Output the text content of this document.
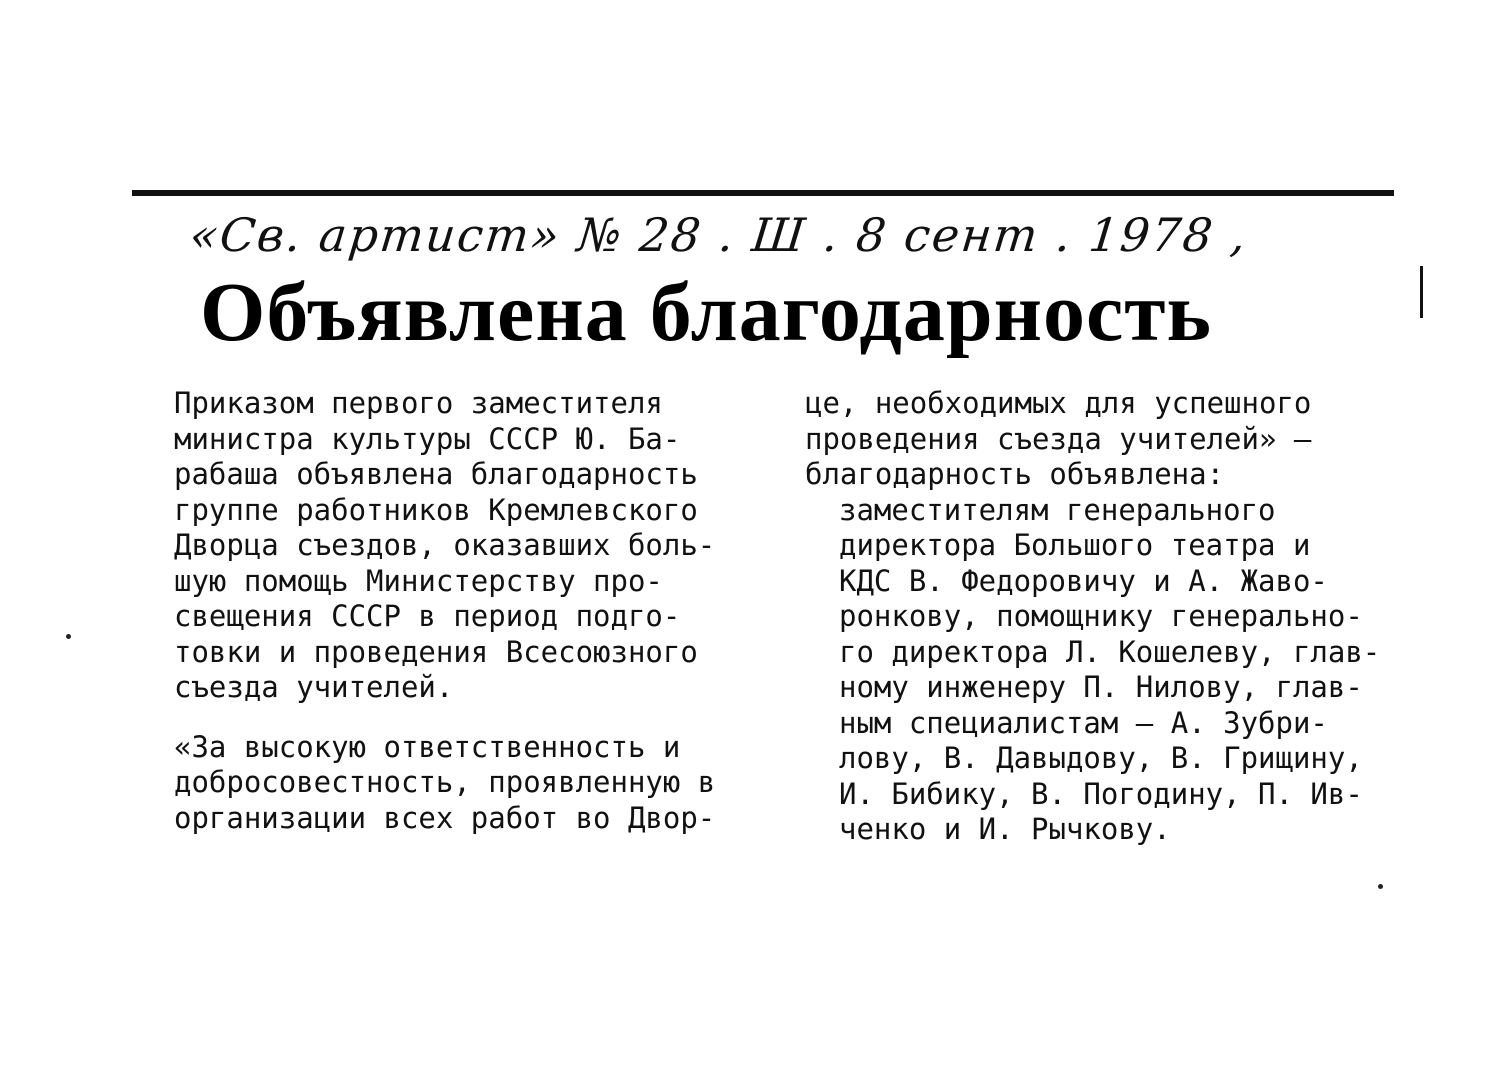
«Св. артист» № 28 . Ш . 8 сент . 1978 ,
Объявлена благодарность

Приказом первого заместителя
министра культуры СССР Ю. Ба-
рабаша объявлена благодарность
группе работников Кремлевского
Дворца съездов, оказавших боль-
шую помощь Министерству про-
свещения СССР в период подго-
товки и проведения Всесоюзного
съезда учителей.

«За высокую ответственность и
добросовестность, проявленную в
организации всех работ во Двор-

це, необходимых для успешного
проведения съезда учителей» —
благодарность объявлена:

заместителям генерального
директора Большого театра и
КДС В. Федоровичу и А. Жаво-
ронкову, помощнику генерально-
го директора Л. Кошелеву, глав-
ному инженеру П. Нилову, глав-
ным специалистам — А. Зубри-
лову, В. Давыдову, В. Грищину,
И. Бибику, В. Погодину, П. Ив-
ченко и И. Рычкову.
